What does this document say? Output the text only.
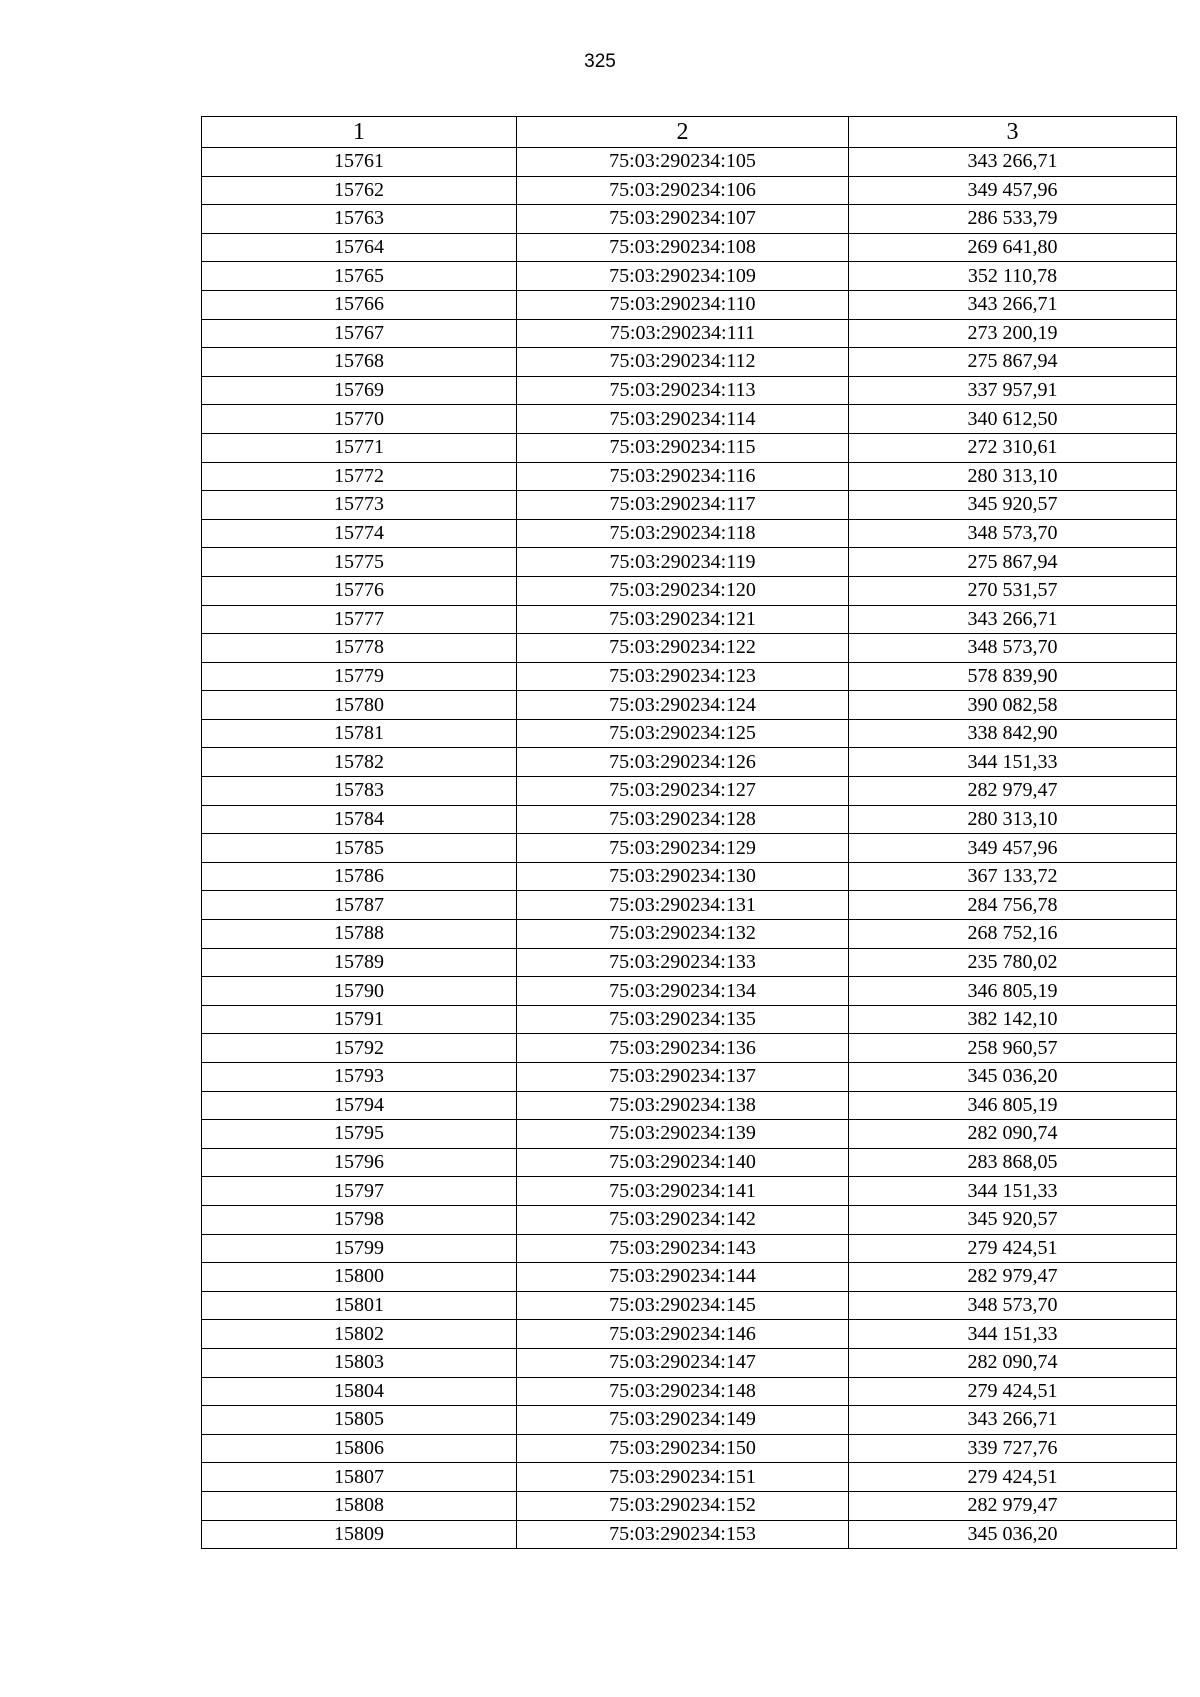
325
1	2	3
15761	75:03:290234:105	343 266,71
15762	75:03:290234:106	349 457,96
15763	75:03:290234:107	286 533,79
15764	75:03:290234:108	269 641,80
15765	75:03:290234:109	352 110,78
15766	75:03:290234:110	343 266,71
15767	75:03:290234:111	273 200,19
15768	75:03:290234:112	275 867,94
15769	75:03:290234:113	337 957,91
15770	75:03:290234:114	340 612,50
15771	75:03:290234:115	272 310,61
15772	75:03:290234:116	280 313,10
15773	75:03:290234:117	345 920,57
15774	75:03:290234:118	348 573,70
15775	75:03:290234:119	275 867,94
15776	75:03:290234:120	270 531,57
15777	75:03:290234:121	343 266,71
15778	75:03:290234:122	348 573,70
15779	75:03:290234:123	578 839,90
15780	75:03:290234:124	390 082,58
15781	75:03:290234:125	338 842,90
15782	75:03:290234:126	344 151,33
15783	75:03:290234:127	282 979,47
15784	75:03:290234:128	280 313,10
15785	75:03:290234:129	349 457,96
15786	75:03:290234:130	367 133,72
15787	75:03:290234:131	284 756,78
15788	75:03:290234:132	268 752,16
15789	75:03:290234:133	235 780,02
15790	75:03:290234:134	346 805,19
15791	75:03:290234:135	382 142,10
15792	75:03:290234:136	258 960,57
15793	75:03:290234:137	345 036,20
15794	75:03:290234:138	346 805,19
15795	75:03:290234:139	282 090,74
15796	75:03:290234:140	283 868,05
15797	75:03:290234:141	344 151,33
15798	75:03:290234:142	345 920,57
15799	75:03:290234:143	279 424,51
15800	75:03:290234:144	282 979,47
15801	75:03:290234:145	348 573,70
15802	75:03:290234:146	344 151,33
15803	75:03:290234:147	282 090,74
15804	75:03:290234:148	279 424,51
15805	75:03:290234:149	343 266,71
15806	75:03:290234:150	339 727,76
15807	75:03:290234:151	279 424,51
15808	75:03:290234:152	282 979,47
15809	75:03:290234:153	345 036,20
